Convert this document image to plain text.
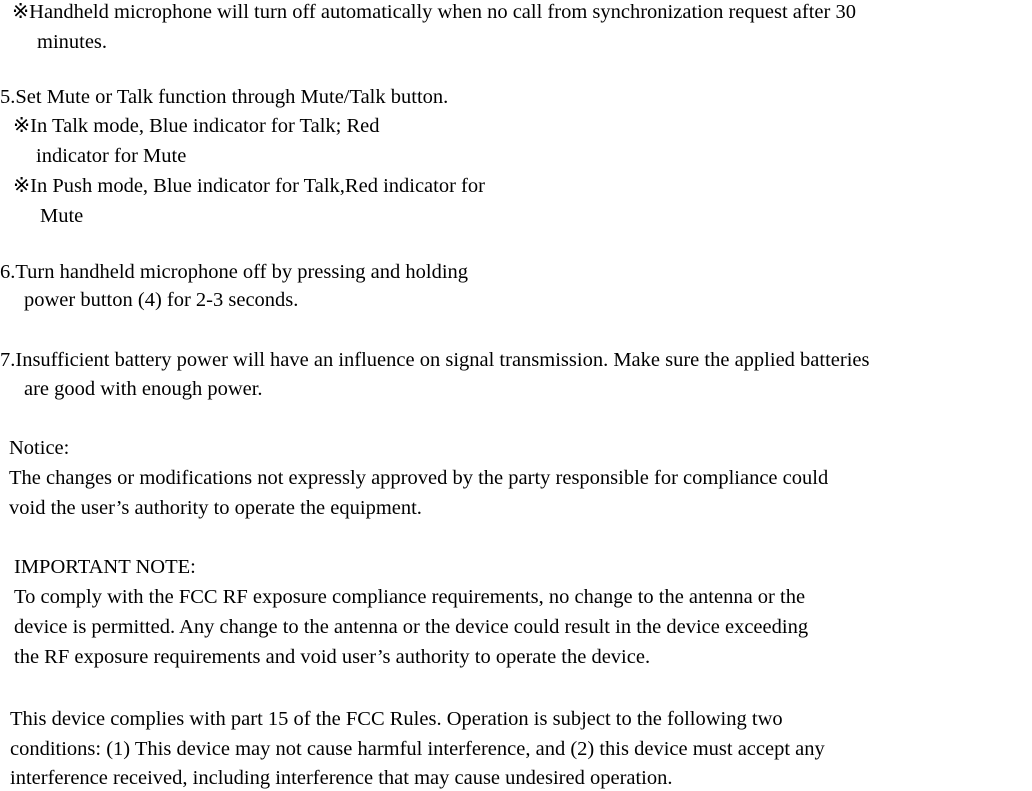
※Handheld microphone will turn off automatically when no call from synchronization request after 30
minutes.
5.Set Mute or Talk function through Mute/Talk button.
※In Talk mode, Blue indicator for Talk; Red
indicator for Mute
※In Push mode, Blue indicator for Talk,Red indicator for
Mute
6.Turn handheld microphone off by pressing and holding
power button (4) for 2-3 seconds.
7.Insufficient battery power will have an influence on signal transmission. Make sure the applied batteries
are good with enough power.
Notice:
The changes or modifications not expressly approved by the party responsible for compliance could
void the user’s authority to operate the equipment.
IMPORTANT NOTE:
To comply with the FCC RF exposure compliance requirements, no change to the antenna or the
device is permitted. Any change to the antenna or the device could result in the device exceeding
the RF exposure requirements and void user’s authority to operate the device.
This device complies with part 15 of the FCC Rules. Operation is subject to the following two
conditions: (1) This device may not cause harmful interference, and (2) this device must accept any
interference received, including interference that may cause undesired operation.
